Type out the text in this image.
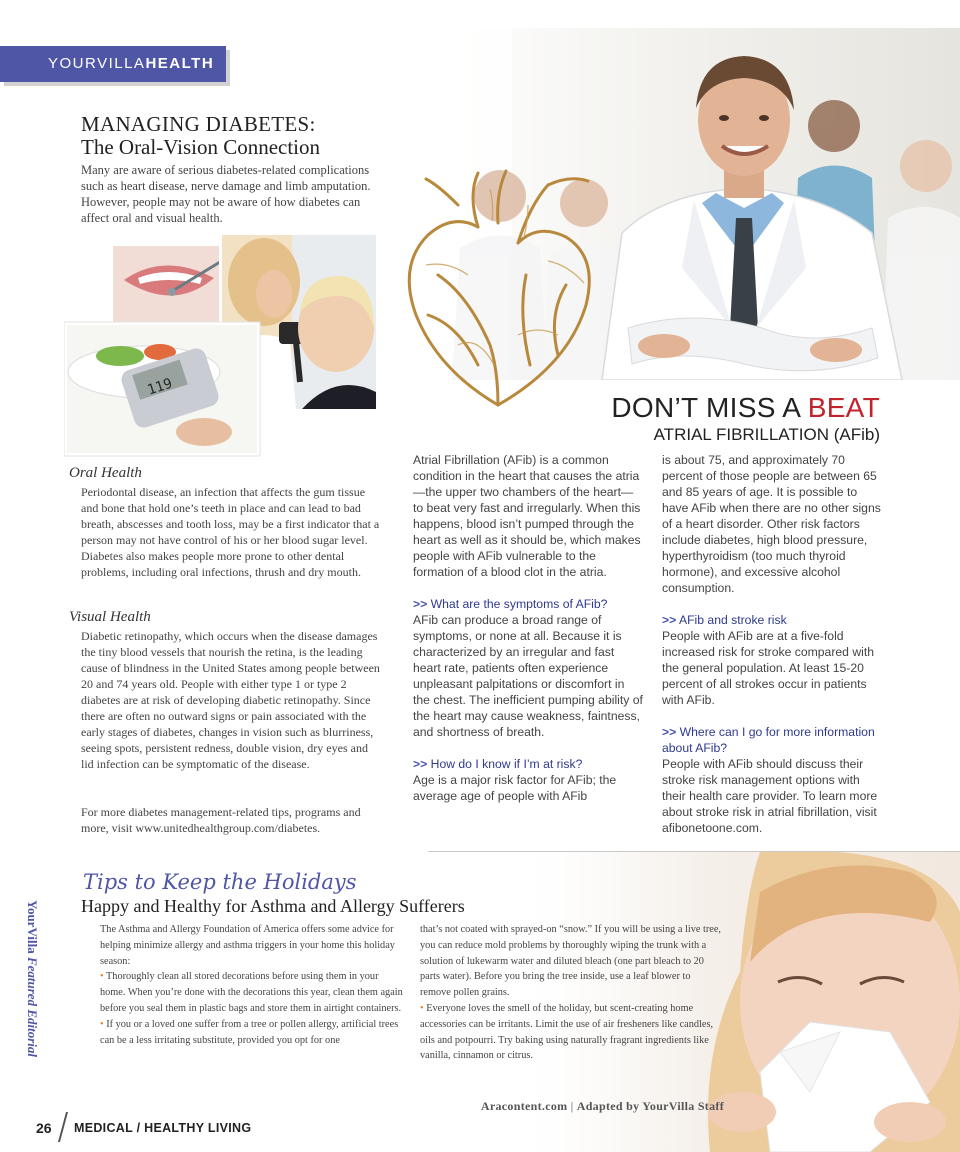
YOURVILLAHEALTH
MANAGING DIABETES:
The Oral-Vision Connection

Many are aware of serious diabetes-related complications such as heart disease, nerve damage and limb amputation. However, people may not be aware of how diabetes can affect oral and visual health.

119
Oral Health

Periodontal disease, an infection that affects the gum tissue and bone that hold one’s teeth in place and can lead to bad breath, abscesses and tooth loss, may be a first indicator that a person may not have control of his or her blood sugar level. Diabetes also makes people more prone to other dental problems, including oral infections, thrush and dry mouth.

Visual Health

Diabetic retinopathy, which occurs when the disease damages the tiny blood vessels that nourish the retina, is the leading cause of blindness in the United States among people between 20 and 74 years old. People with either type 1 or type 2 diabetes are at risk of developing diabetic retinopathy. Since there are often no outward signs or pain associated with the early stages of diabetes, changes in vision such as blurriness, seeing spots, persistent redness, double vision, dry eyes and lid infection can be symptomatic of the disease.

For more diabetes management-related tips, programs and more, visit www.unitedhealthgroup.com/diabetes.

DON’T MISS A BEAT
ATRIAL FIBRILLATION (AFib)

Atrial Fibrillation (AFib) is a common condition in the heart that causes the atria—the upper two chambers of the heart—to beat very fast and irregularly. When this happens, blood isn’t pumped through the heart as well as it should be, which makes people with AFib vulnerable to the formation of a blood clot in the atria.

>> What are the symptoms of AFib?

AFib can produce a broad range of symptoms, or none at all. Because it is characterized by an irregular and fast heart rate, patients often experience unpleasant palpitations or discomfort in the chest. The inefficient pumping ability of the heart may cause weakness, faintness, and shortness of breath.

>> How do I know if I’m at risk?

Age is a major risk factor for AFib; the average age of people with AFib

is about 75, and approximately 70 percent of those people are between 65 and 85 years of age. It is possible to have AFib when there are no other signs of a heart disorder. Other risk factors include diabetes, high blood pressure, hyperthyroidism (too much thyroid hormone), and excessive alcohol consumption.

>> AFib and stroke risk

People with AFib are at a five-fold increased risk for stroke compared with the general population. At least 15-20 percent of all strokes occur in patients with AFib.

>> Where can I go for more information about AFib?

People with AFib should discuss their stroke risk management options with their health care provider. To learn more about stroke risk in atrial fibrillation, visit afibonetoone.com.

Tips to Keep the Holidays
Happy and Healthy for Asthma and Allergy Sufferers

The Asthma and Allergy Foundation of America offers some advice for helping minimize allergy and asthma triggers in your home this holiday season:

• Thoroughly clean all stored decorations before using them in your home. When you’re done with the decorations this year, clean them again before you seal them in plastic bags and store them in airtight containers.

• If you or a loved one suffer from a tree or pollen allergy, artificial trees can be a less irritating substitute, provided you opt for one

that’s not coated with sprayed-on “snow.” If you will be using a live tree, you can reduce mold problems by thoroughly wiping the trunk with a solution of lukewarm water and diluted bleach (one part bleach to 20 parts water). Before you bring the tree inside, use a leaf blower to remove pollen grains.

• Everyone loves the smell of the holiday, but scent-creating home accessories can be irritants. Limit the use of air fresheners like candles, oils and potpourri. Try baking using naturally fragrant ingredients like vanilla, cinnamon or citrus.

Aracontent.com | Adapted by YourVilla Staff
YourVilla Featured Editorial
26 MEDICAL / HEALTHY LIVING
